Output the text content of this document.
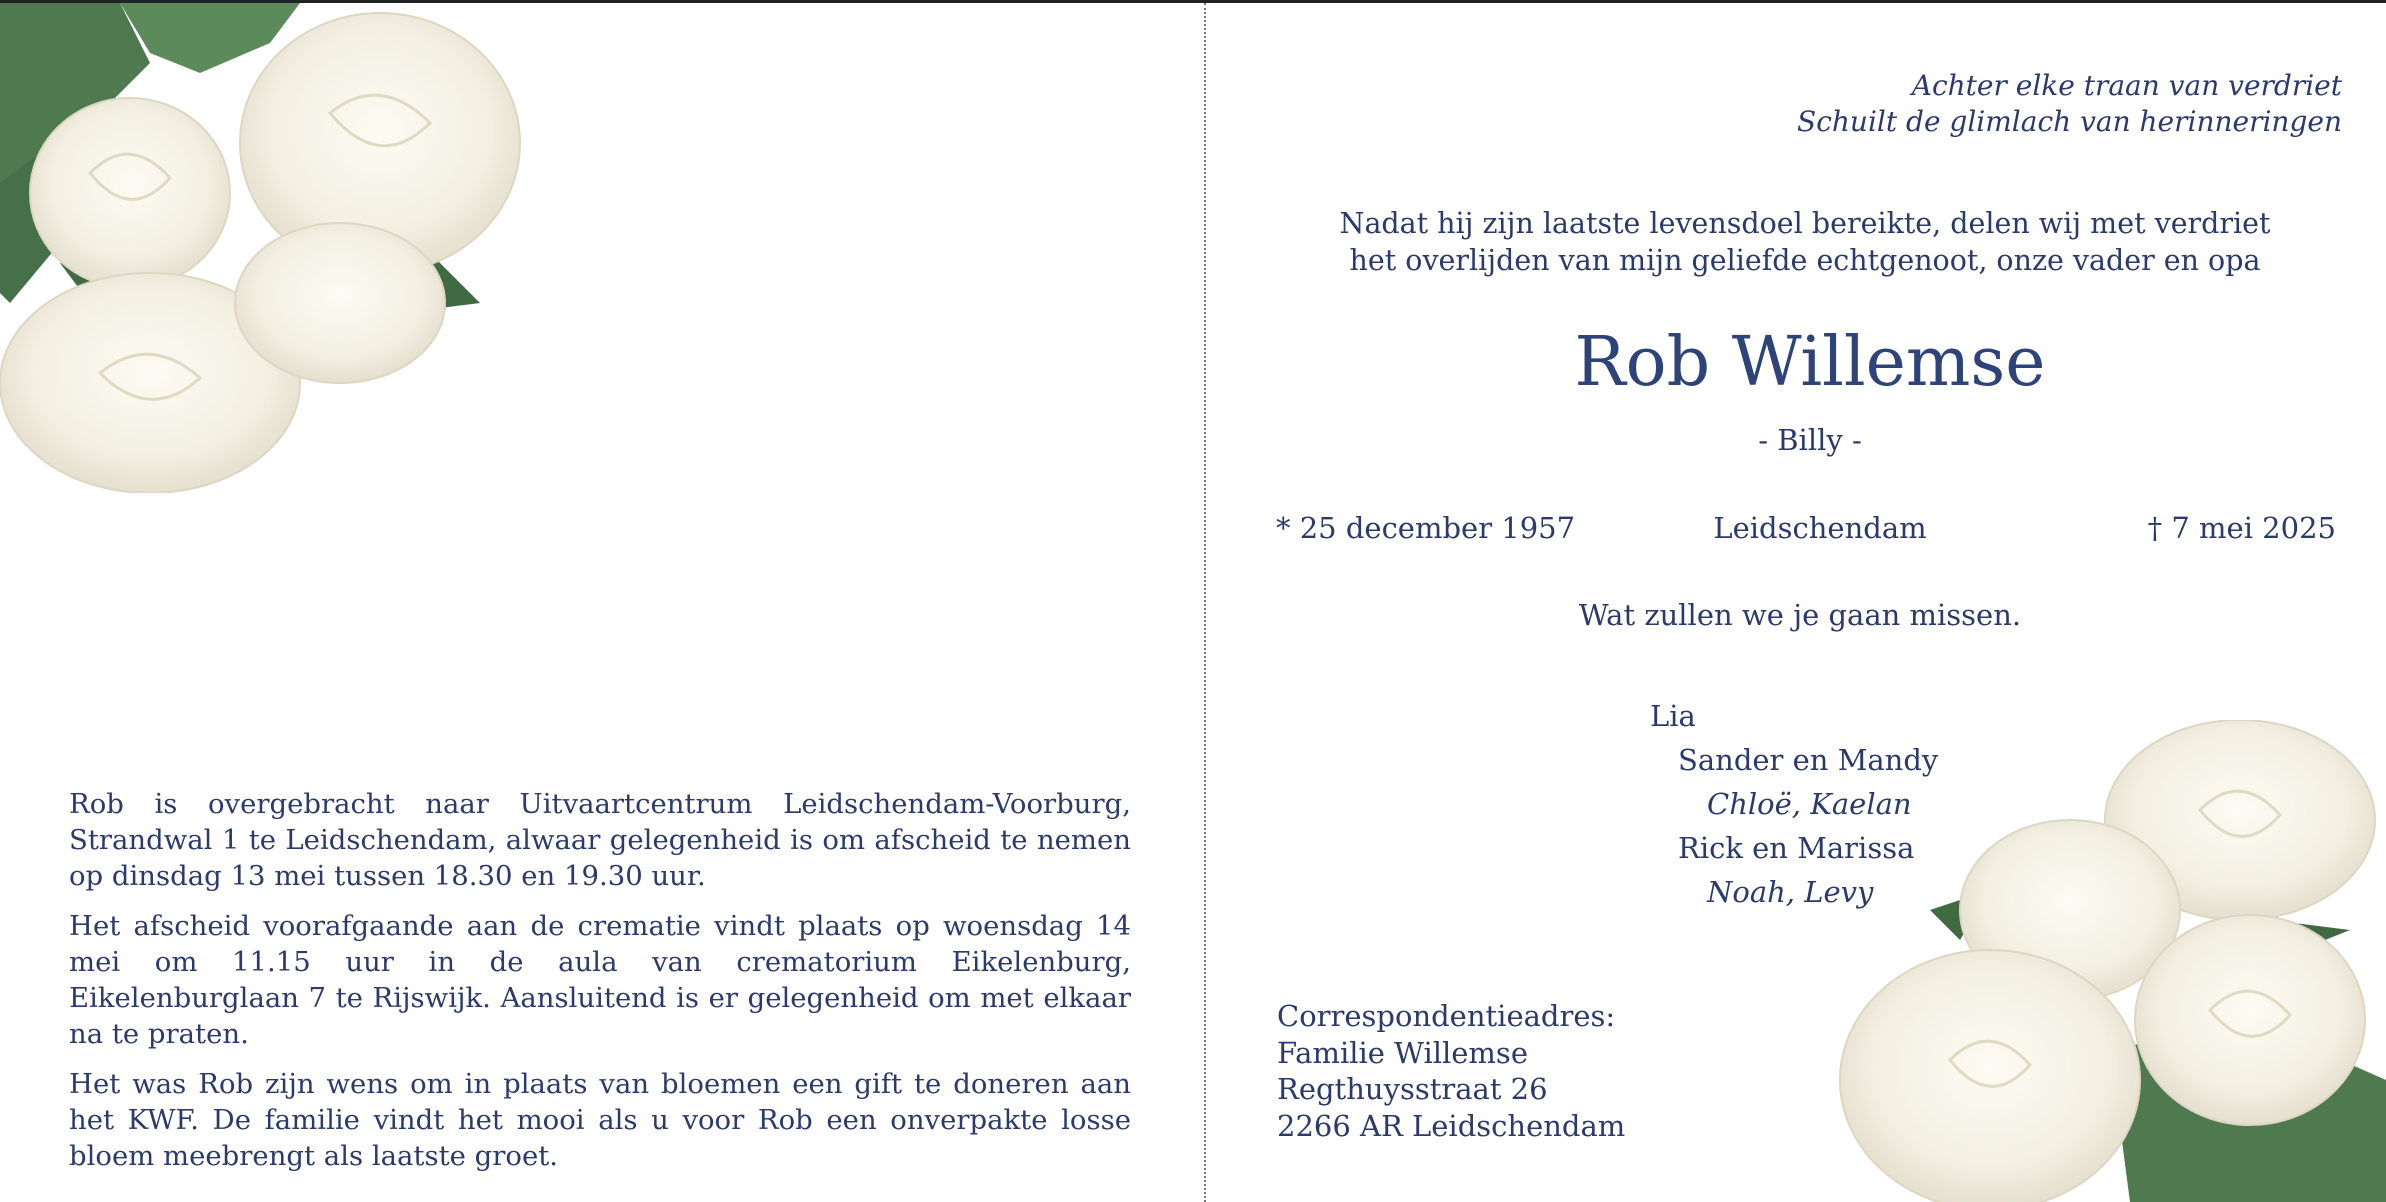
Rob is overgebracht naar Uitvaartcentrum Leidschendam-Voorburg, Strandwal 1 te Leidschendam, alwaar gelegenheid is om afscheid te nemen op dinsdag 13 mei tussen 18.30 en 19.30 uur.

Het afscheid voorafgaande aan de crematie vindt plaats op woensdag 14 mei om 11.15 uur in de aula van crematorium Eikelenburg, Eikelenburglaan 7 te Rijswijk. Aansluitend is er gelegenheid om met elkaar na te praten.

Het was Rob zijn wens om in plaats van bloemen een gift te doneren aan het KWF. De familie vindt het mooi als u voor Rob een onverpakte losse bloem meebrengt als laatste groet.

Achter elke traan van verdriet
Schuilt de glimlach van herinneringen
Nadat hij zijn laatste levensdoel bereikte, delen wij met verdriet
het overlijden van mijn geliefde echtgenoot, onze vader en opa
Rob Willemse
- Billy -
* 25 december 1957	Leidschendam	† 7 mei 2025
Wat zullen we je gaan missen.
Lia
Sander en Mandy
Chloë, Kaelan
Rick en Marissa
Noah, Levy
Correspondentieadres:
Familie Willemse
Regthuysstraat 26
2266 AR Leidschendam
